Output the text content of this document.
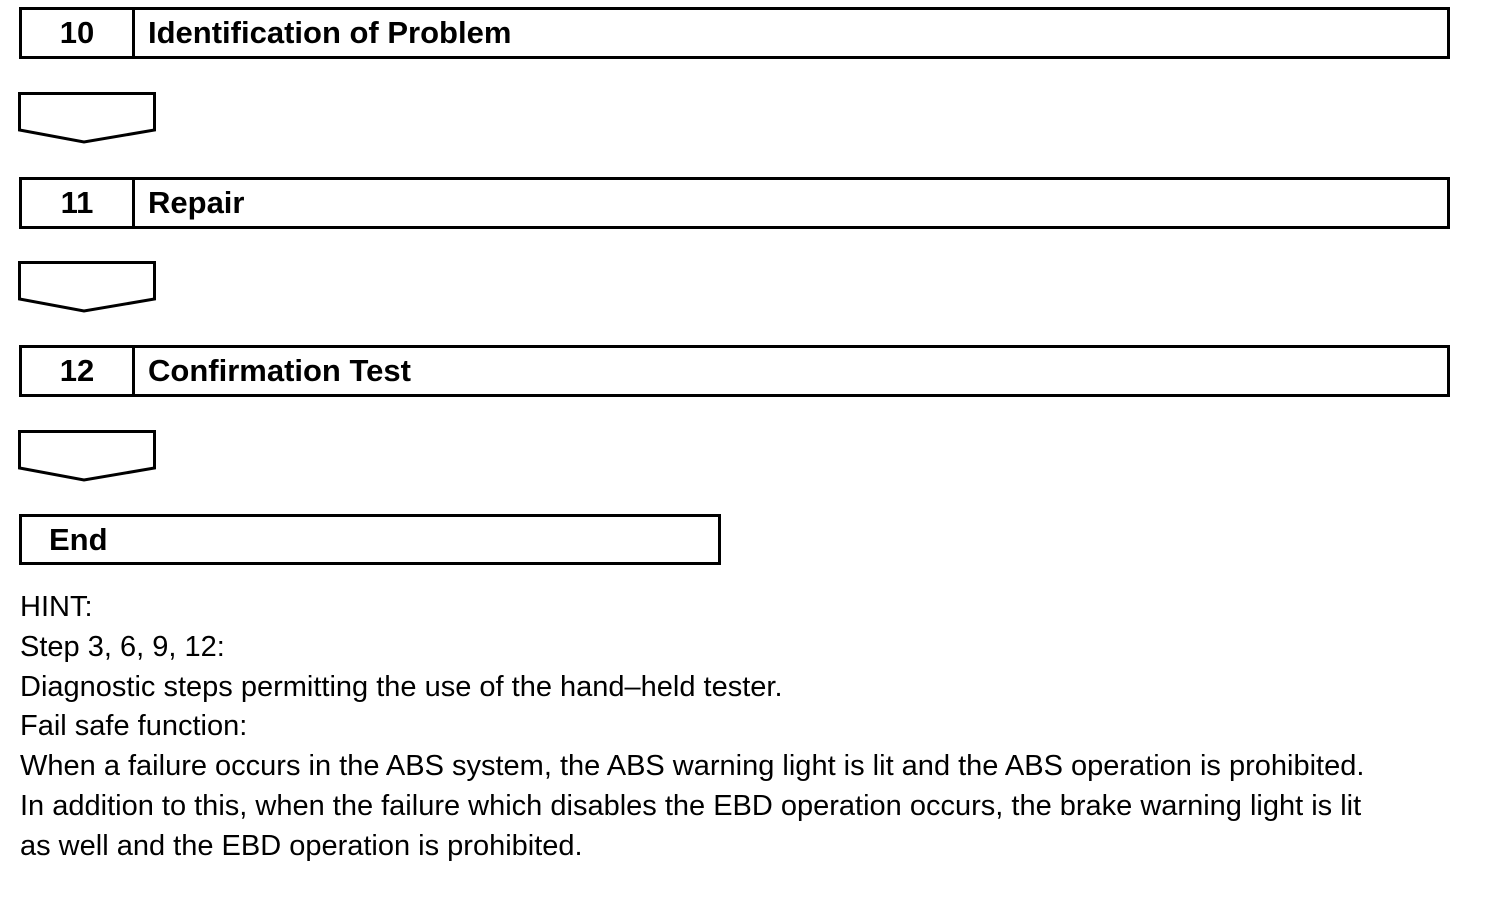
10	Identification of Problem
11	Repair
12	Confirmation Test
End
HINT:
Step 3, 6, 9, 12:
Diagnostic steps permitting the use of the hand–held tester.
Fail safe function:
When a failure occurs in the ABS system, the ABS warning light is lit and the ABS operation is prohibited.
In addition to this, when the failure which disables the EBD operation occurs, the brake warning light is lit
as well and the EBD operation is prohibited.
